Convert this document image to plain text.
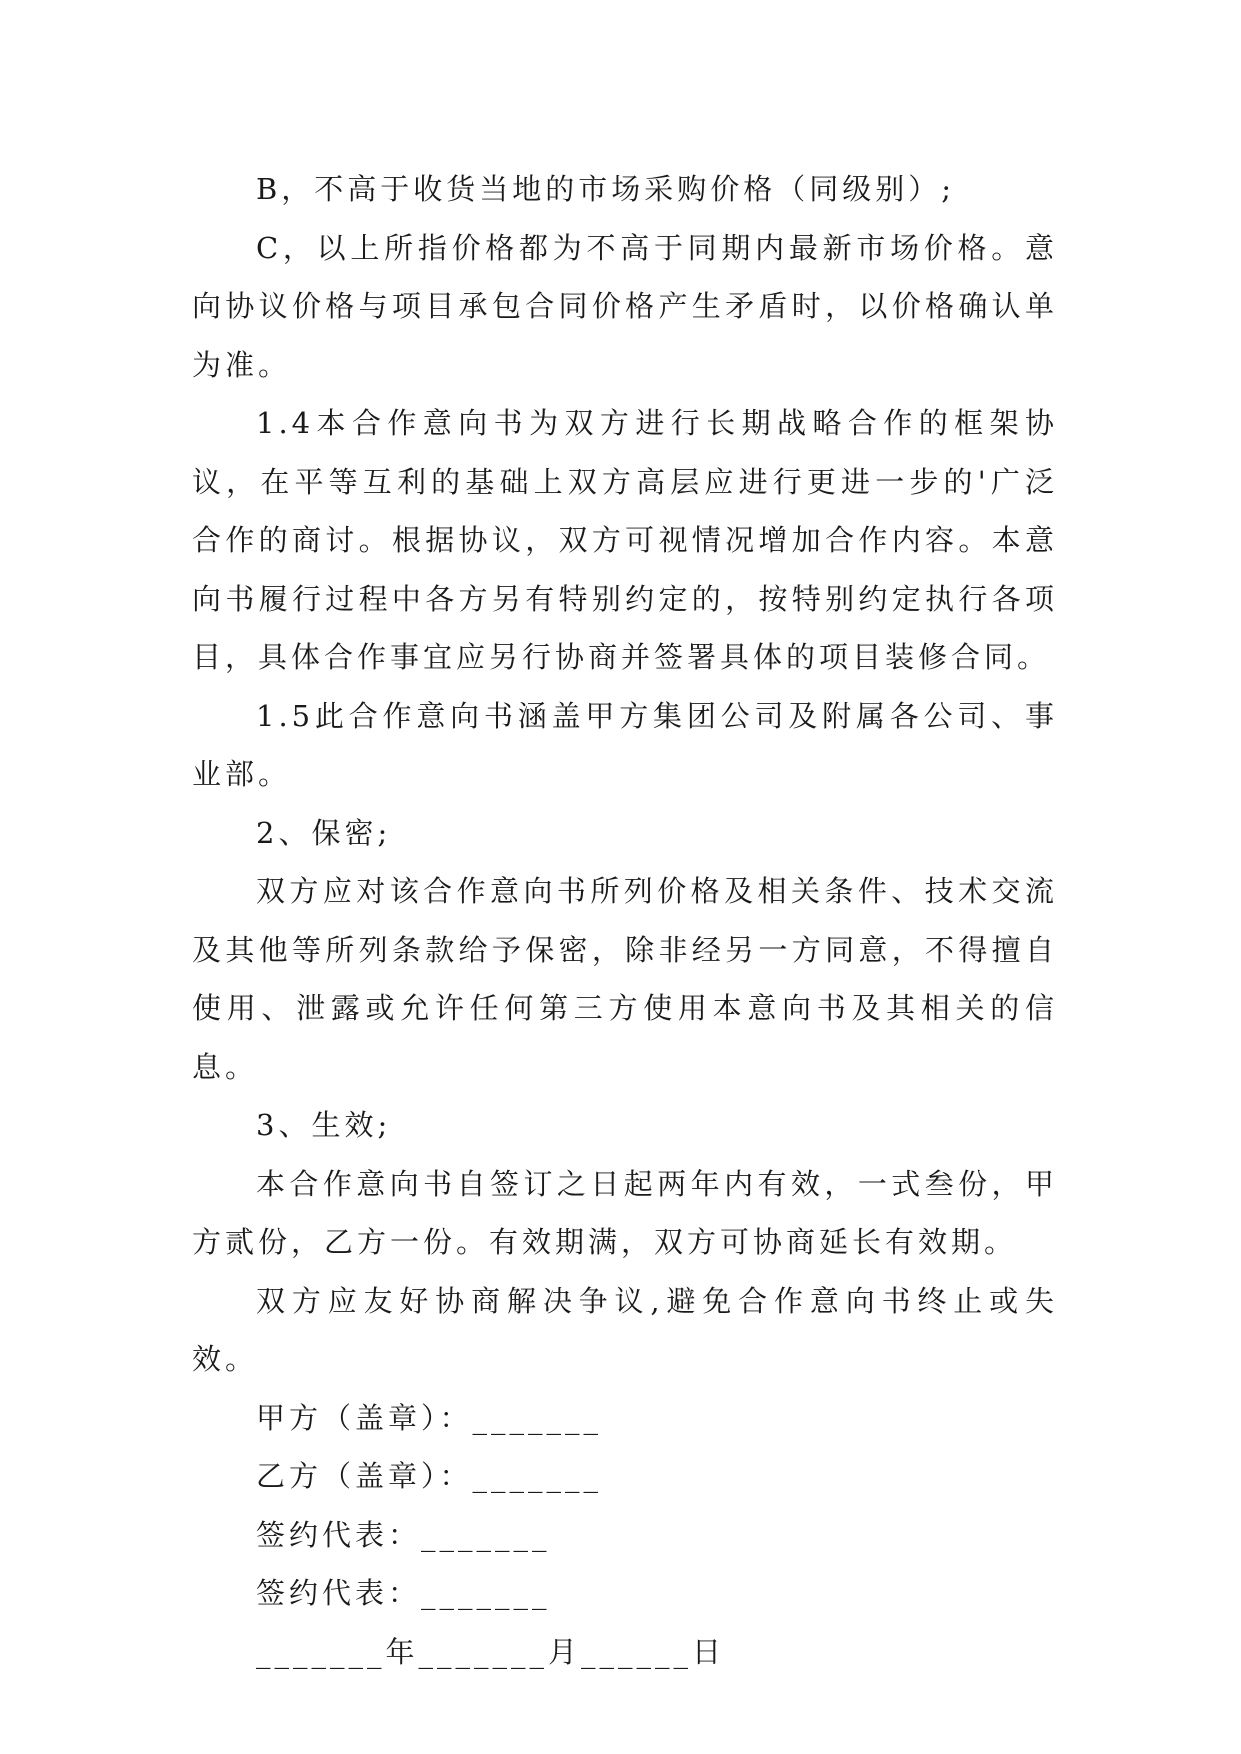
B，不高于收货当地的市场采购价格（同级别）;

C，以上所指价格都为不高于同期内最新市场价格。意向协议价格与项目承包合同价格产生矛盾时，以价格确认单为准。

1.4本合作意向书为双方进行长期战略合作的框架协议，在平等互利的基础上双方高层应进行更进一步的'广泛合作的商讨。根据协议，双方可视情况增加合作内容。本意向书履行过程中各方另有特别约定的，按特别约定执行各项目，具体合作事宜应另行协商并签署具体的项目装修合同。

1.5此合作意向书涵盖甲方集团公司及附属各公司、事业部。

2、保密;

双方应对该合作意向书所列价格及相关条件、技术交流及其他等所列条款给予保密，除非经另一方同意，不得擅自使用、泄露或允许任何第三方使用本意向书及其相关的信息。

3、生效;

本合作意向书自签订之日起两年内有效，一式叁份，甲方贰份，乙方一份。有效期满，双方可协商延长有效期。

双方应友好协商解决争议,避免合作意向书终止或失效。

甲方（盖章）：_______

乙方（盖章）：_______

签约代表：_______

签约代表：_______

_______年_______月______日
